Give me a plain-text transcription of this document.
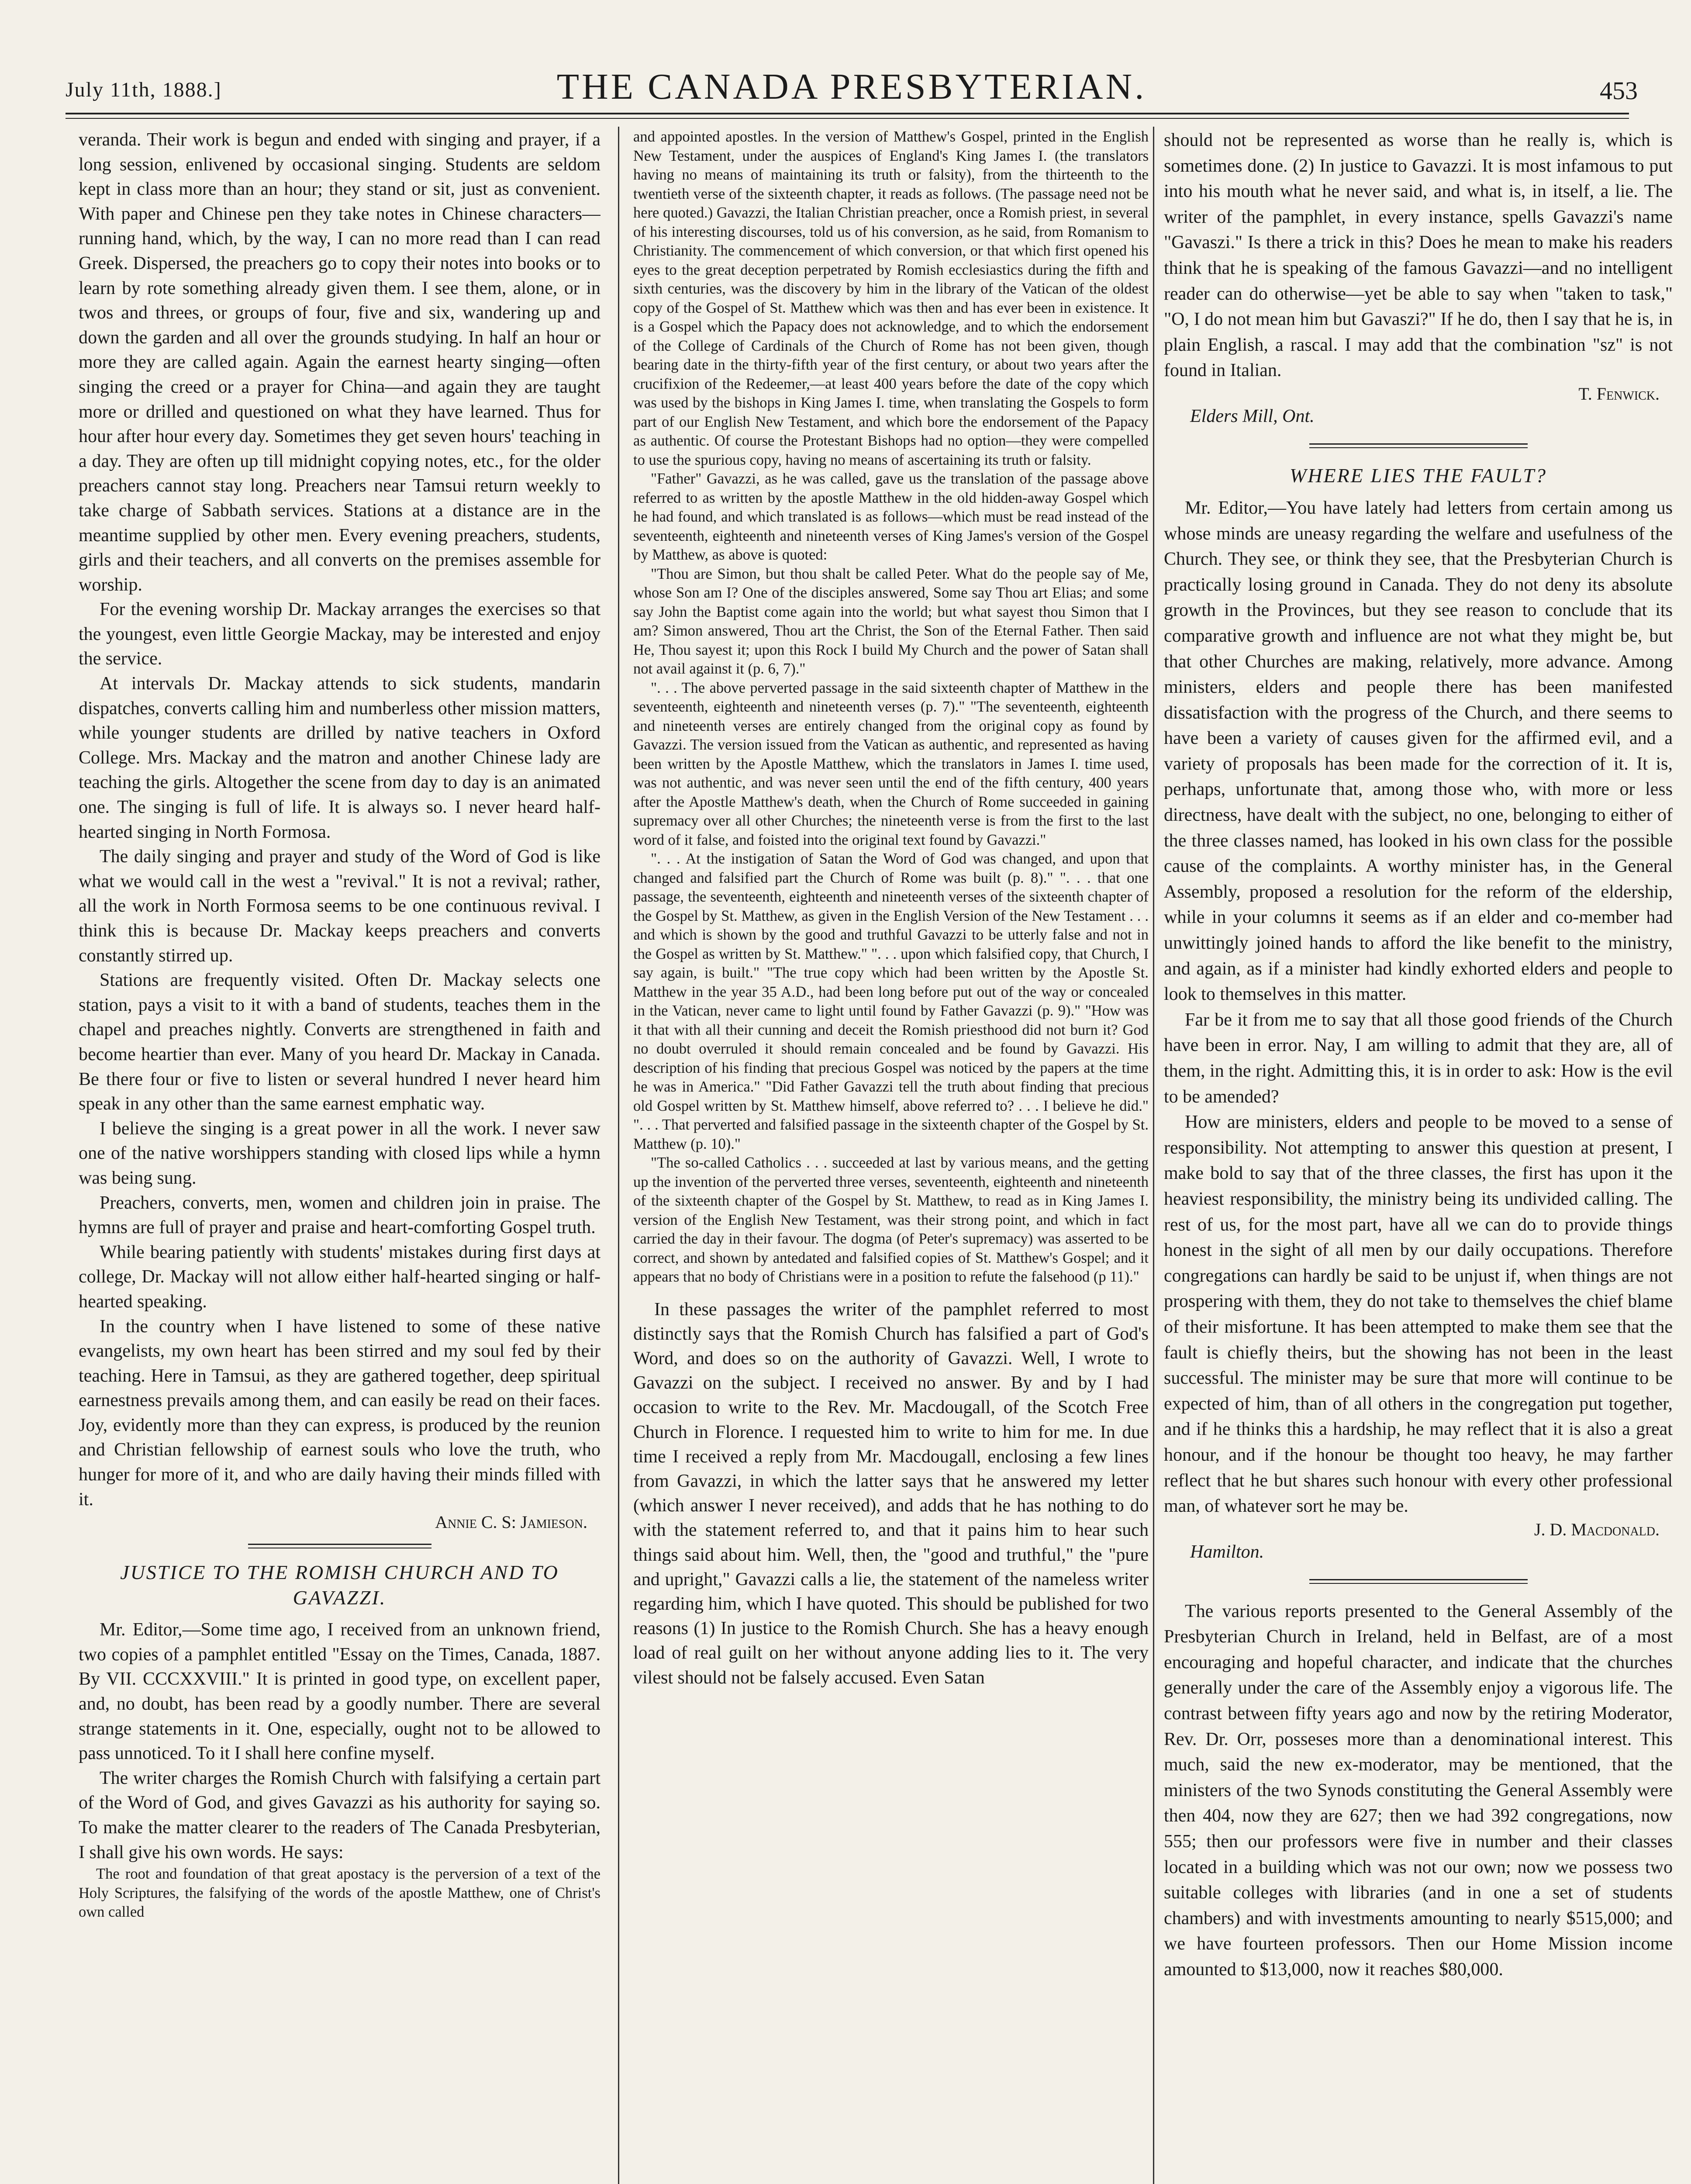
July 11th, 1888.]	THE CANADA PRESBYTERIAN.	453

veranda. Their work is begun and ended with singing and prayer, if a long session, enlivened by occasional singing. Students are seldom kept in class more than an hour; they stand or sit, just as convenient. With paper and Chinese pen they take notes in Chinese characters—running hand, which, by the way, I can no more read than I can read Greek. Dispersed, the preachers go to copy their notes into books or to learn by rote something already given them. I see them, alone, or in twos and threes, or groups of four, five and six, wandering up and down the garden and all over the grounds studying. In half an hour or more they are called again. Again the earnest hearty singing—often singing the creed or a prayer for China—and again they are taught more or drilled and questioned on what they have learned. Thus for hour after hour every day. Sometimes they get seven hours' teaching in a day. They are often up till midnight copying notes, etc., for the older preachers cannot stay long. Preachers near Tamsui return weekly to take charge of Sabbath services. Stations at a distance are in the meantime supplied by other men. Every evening preachers, students, girls and their teachers, and all converts on the premises assemble for worship.

For the evening worship Dr. Mackay arranges the exercises so that the youngest, even little Georgie Mackay, may be interested and enjoy the service.

At intervals Dr. Mackay attends to sick students, mandarin dispatches, converts calling him and numberless other mission matters, while younger students are drilled by native teachers in Oxford College. Mrs. Mackay and the matron and another Chinese lady are teaching the girls. Altogether the scene from day to day is an animated one. The singing is full of life. It is always so. I never heard half-hearted singing in North Formosa.

The daily singing and prayer and study of the Word of God is like what we would call in the west a "revival." It is not a revival; rather, all the work in North Formosa seems to be one continuous revival. I think this is because Dr. Mackay keeps preachers and converts constantly stirred up.

Stations are frequently visited. Often Dr. Mackay selects one station, pays a visit to it with a band of students, teaches them in the chapel and preaches nightly. Converts are strengthened in faith and become heartier than ever. Many of you heard Dr. Mackay in Canada. Be there four or five to listen or several hundred I never heard him speak in any other than the same earnest emphatic way.

I believe the singing is a great power in all the work. I never saw one of the native worshippers standing with closed lips while a hymn was being sung.

Preachers, converts, men, women and children join in praise. The hymns are full of prayer and praise and heart-comforting Gospel truth.

While bearing patiently with students' mistakes during first days at college, Dr. Mackay will not allow either half-hearted singing or half-hearted speaking.

In the country when I have listened to some of these native evangelists, my own heart has been stirred and my soul fed by their teaching. Here in Tamsui, as they are gathered together, deep spiritual earnestness prevails among them, and can easily be read on their faces. Joy, evidently more than they can express, is produced by the reunion and Christian fellowship of earnest souls who love the truth, who hunger for more of it, and who are daily having their minds filled with it.

Annie C. S: Jamieson.
JUSTICE TO THE ROMISH CHURCH AND TO GAVAZZI.

Mr. Editor,—Some time ago, I received from an unknown friend, two copies of a pamphlet entitled "Essay on the Times, Canada, 1887. By VII. CCCXXVIII." It is printed in good type, on excellent paper, and, no doubt, has been read by a goodly number. There are several strange statements in it. One, especially, ought not to be allowed to pass unnoticed. To it I shall here confine myself.

The writer charges the Romish Church with falsifying a certain part of the Word of God, and gives Gavazzi as his authority for saying so. To make the matter clearer to the readers of The Canada Presbyterian, I shall give his own words. He says:

The root and foundation of that great apostacy is the perversion of a text of the Holy Scriptures, the falsifying of the words of the apostle Matthew, one of Christ's own called

and appointed apostles. In the version of Matthew's Gospel, printed in the English New Testament, under the auspices of England's King James I. (the translators having no means of maintaining its truth or falsity), from the thirteenth to the twentieth verse of the sixteenth chapter, it reads as follows. (The passage need not be here quoted.) Gavazzi, the Italian Christian preacher, once a Romish priest, in several of his interesting discourses, told us of his conversion, as he said, from Romanism to Christianity. The commencement of which conversion, or that which first opened his eyes to the great deception perpetrated by Romish ecclesiastics during the fifth and sixth centuries, was the discovery by him in the library of the Vatican of the oldest copy of the Gospel of St. Matthew which was then and has ever been in existence. It is a Gospel which the Papacy does not acknowledge, and to which the endorsement of the College of Cardinals of the Church of Rome has not been given, though bearing date in the thirty-fifth year of the first century, or about two years after the crucifixion of the Redeemer,—at least 400 years before the date of the copy which was used by the bishops in King James I. time, when translating the Gospels to form part of our English New Testament, and which bore the endorsement of the Papacy as authentic. Of course the Protestant Bishops had no option—they were compelled to use the spurious copy, having no means of ascertaining its truth or falsity.

"Father" Gavazzi, as he was called, gave us the translation of the passage above referred to as written by the apostle Matthew in the old hidden-away Gospel which he had found, and which translated is as follows—which must be read instead of the seventeenth, eighteenth and nineteenth verses of King James's version of the Gospel by Matthew, as above is quoted:

"Thou are Simon, but thou shalt be called Peter. What do the people say of Me, whose Son am I? One of the disciples answered, Some say Thou art Elias; and some say John the Baptist come again into the world; but what sayest thou Simon that I am? Simon answered, Thou art the Christ, the Son of the Eternal Father. Then said He, Thou sayest it; upon this Rock I build My Church and the power of Satan shall not avail against it (p. 6, 7)."

". . . The above perverted passage in the said sixteenth chapter of Matthew in the seventeenth, eighteenth and nineteenth verses (p. 7)." "The seventeenth, eighteenth and nineteenth verses are entirely changed from the original copy as found by Gavazzi. The version issued from the Vatican as authentic, and represented as having been written by the Apostle Matthew, which the translators in James I. time used, was not authentic, and was never seen until the end of the fifth century, 400 years after the Apostle Matthew's death, when the Church of Rome succeeded in gaining supremacy over all other Churches; the nineteenth verse is from the first to the last word of it false, and foisted into the original text found by Gavazzi."

". . . At the instigation of Satan the Word of God was changed, and upon that changed and falsified part the Church of Rome was built (p. 8)." ". . . that one passage, the seventeenth, eighteenth and nineteenth verses of the sixteenth chapter of the Gospel by St. Matthew, as given in the English Version of the New Testament . . . and which is shown by the good and truthful Gavazzi to be utterly false and not in the Gospel as written by St. Matthew." ". . . upon which falsified copy, that Church, I say again, is built." "The true copy which had been written by the Apostle St. Matthew in the year 35 A.D., had been long before put out of the way or concealed in the Vatican, never came to light until found by Father Gavazzi (p. 9)." "How was it that with all their cunning and deceit the Romish priesthood did not burn it? God no doubt overruled it should remain concealed and be found by Gavazzi. His description of his finding that precious Gospel was noticed by the papers at the time he was in America." "Did Father Gavazzi tell the truth about finding that precious old Gospel written by St. Matthew himself, above referred to? . . . I believe he did." ". . . That perverted and falsified passage in the sixteenth chapter of the Gospel by St. Matthew (p. 10)."

"The so-called Catholics . . . succeeded at last by various means, and the getting up the invention of the perverted three verses, seventeenth, eighteenth and nineteenth of the sixteenth chapter of the Gospel by St. Matthew, to read as in King James I. version of the English New Testament, was their strong point, and which in fact carried the day in their favour. The dogma (of Peter's supremacy) was asserted to be correct, and shown by antedated and falsified copies of St. Matthew's Gospel; and it appears that no body of Christians were in a position to refute the falsehood (p 11)."

In these passages the writer of the pamphlet referred to most distinctly says that the Romish Church has falsified a part of God's Word, and does so on the authority of Gavazzi. Well, I wrote to Gavazzi on the subject. I received no answer. By and by I had occasion to write to the Rev. Mr. Macdougall, of the Scotch Free Church in Florence. I requested him to write to him for me. In due time I received a reply from Mr. Macdougall, enclosing a few lines from Gavazzi, in which the latter says that he answered my letter (which answer I never received), and adds that he has nothing to do with the statement referred to, and that it pains him to hear such things said about him. Well, then, the "good and truthful," the "pure and upright," Gavazzi calls a lie, the statement of the nameless writer regarding him, which I have quoted. This should be published for two reasons (1) In justice to the Romish Church. She has a heavy enough load of real guilt on her without anyone adding lies to it. The very vilest should not be falsely accused. Even Satan

should not be represented as worse than he really is, which is sometimes done. (2) In justice to Gavazzi. It is most infamous to put into his mouth what he never said, and what is, in itself, a lie. The writer of the pamphlet, in every instance, spells Gavazzi's name "Gavaszi." Is there a trick in this? Does he mean to make his readers think that he is speaking of the famous Gavazzi—and no intelligent reader can do otherwise—yet be able to say when "taken to task," "O, I do not mean him but Gavaszi?" If he do, then I say that he is, in plain English, a rascal. I may add that the combination "sz" is not found in Italian.

T. Fenwick.
Elders Mill, Ont.
WHERE LIES THE FAULT?

Mr. Editor,—You have lately had letters from certain among us whose minds are uneasy regarding the welfare and usefulness of the Church. They see, or think they see, that the Presbyterian Church is practically losing ground in Canada. They do not deny its absolute growth in the Provinces, but they see reason to conclude that its comparative growth and influence are not what they might be, but that other Churches are making, relatively, more advance. Among ministers, elders and people there has been manifested dissatisfaction with the progress of the Church, and there seems to have been a variety of causes given for the affirmed evil, and a variety of proposals has been made for the correction of it. It is, perhaps, unfortunate that, among those who, with more or less directness, have dealt with the subject, no one, belonging to either of the three classes named, has looked in his own class for the possible cause of the complaints. A worthy minister has, in the General Assembly, proposed a resolution for the reform of the eldership, while in your columns it seems as if an elder and co-member had unwittingly joined hands to afford the like benefit to the ministry, and again, as if a minister had kindly exhorted elders and people to look to themselves in this matter.

Far be it from me to say that all those good friends of the Church have been in error. Nay, I am willing to admit that they are, all of them, in the right. Admitting this, it is in order to ask: How is the evil to be amended?

How are ministers, elders and people to be moved to a sense of responsibility. Not attempting to answer this question at present, I make bold to say that of the three classes, the first has upon it the heaviest responsibility, the ministry being its undivided calling. The rest of us, for the most part, have all we can do to provide things honest in the sight of all men by our daily occupations. Therefore congregations can hardly be said to be unjust if, when things are not prospering with them, they do not take to themselves the chief blame of their misfortune. It has been attempted to make them see that the fault is chiefly theirs, but the showing has not been in the least successful. The minister may be sure that more will continue to be expected of him, than of all others in the congregation put together, and if he thinks this a hardship, he may reflect that it is also a great honour, and if the honour be thought too heavy, he may farther reflect that he but shares such honour with every other professional man, of whatever sort he may be.

J. D. Macdonald.
Hamilton.

The various reports presented to the General Assembly of the Presbyterian Church in Ireland, held in Belfast, are of a most encouraging and hopeful character, and indicate that the churches generally under the care of the Assembly enjoy a vigorous life. The contrast between fifty years ago and now by the retiring Moderator, Rev. Dr. Orr, posseses more than a denominational interest. This much, said the new ex-moderator, may be mentioned, that the ministers of the two Synods constituting the General Assembly were then 404, now they are 627; then we had 392 congregations, now 555; then our professors were five in number and their classes located in a building which was not our own; now we possess two suitable colleges with libraries (and in one a set of students chambers) and with investments amounting to nearly $515,000; and we have fourteen professors. Then our Home Mission income amounted to $13,000, now it reaches $80,000.
